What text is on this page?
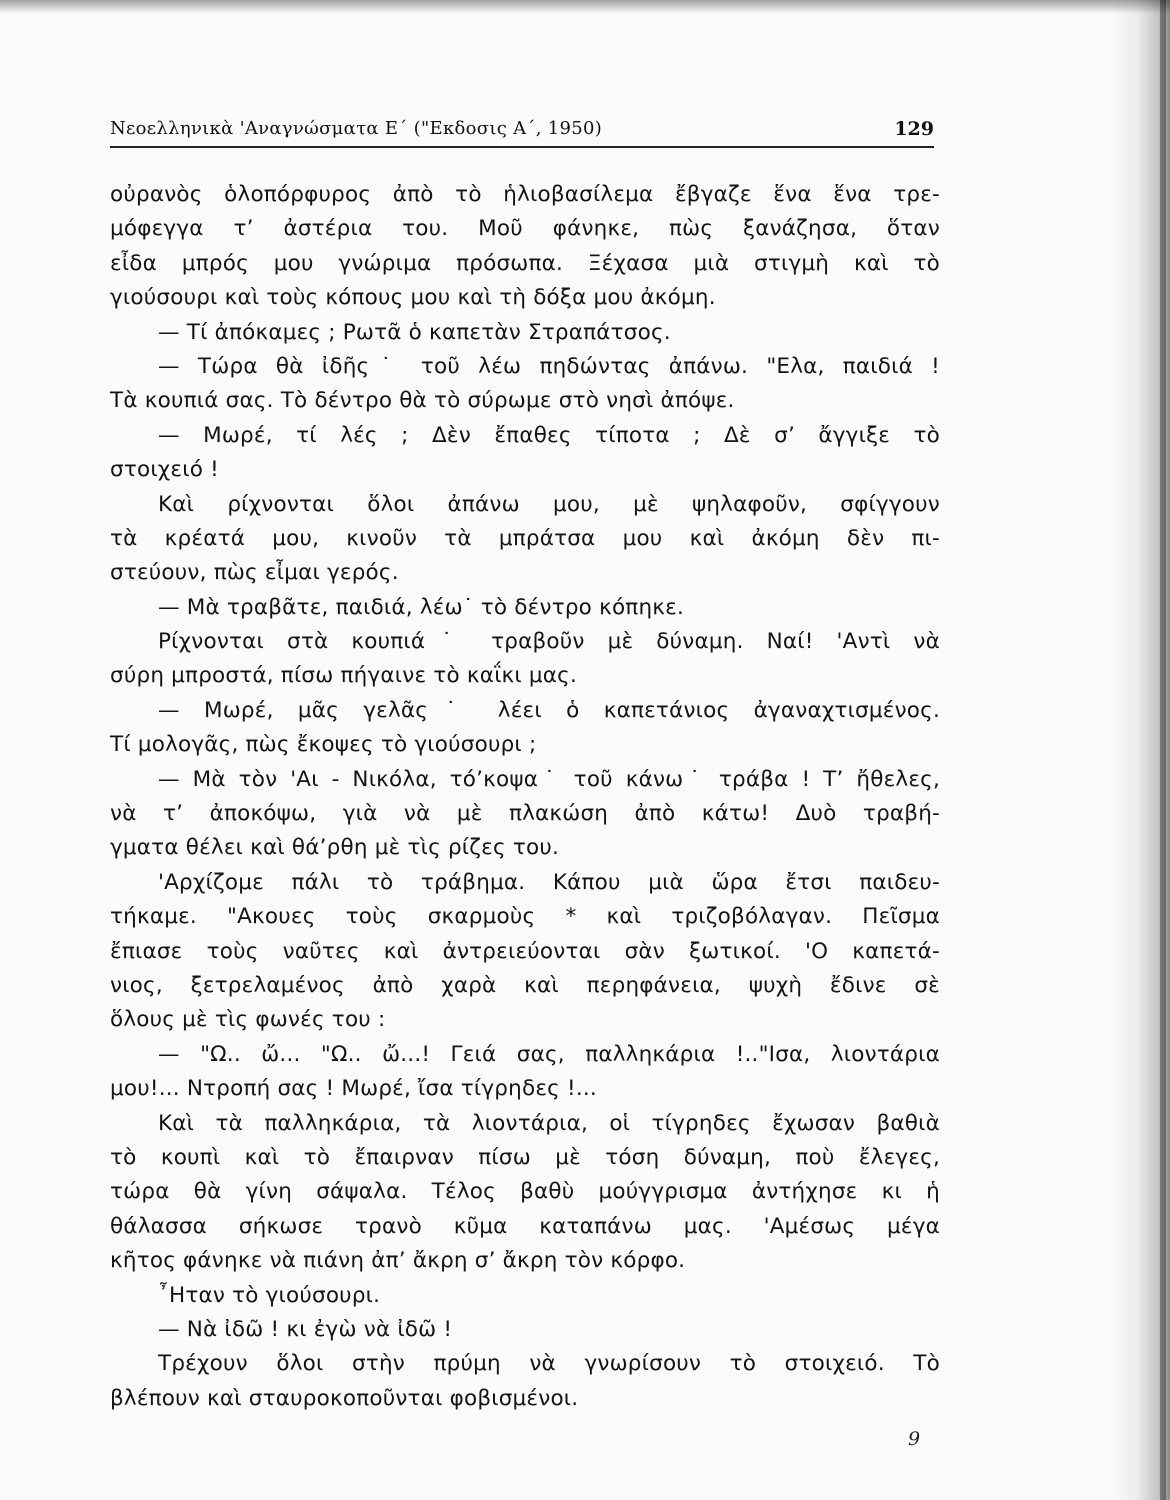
Νεοελληνικὰ 'Αναγνώσματα Ε΄ ("Εκδοσις Α΄, 1950)	129
οὐρανὸς ὁλοπόρφυρος ἀπὸ τὸ ἡλιοβασίλεμα ἔβγαζε ἕνα ἕνα τρε-
μόφεγγα τ’ ἀστέρια του. Μοῦ φάνηκε, πὼς ξανάζησα, ὅταν
εἶδα μπρός μου γνώριμα πρόσωπα. Ξέχασα μιὰ στιγμὴ καὶ τὸ
γιούσουρι καὶ τοὺς κόπους μου καὶ τὴ δόξα μου ἀκόμη.
— Τί ἀπόκαμες ; Ρωτᾶ ὁ καπετὰν Στραπάτσος.
— Τώρα θὰ ἰδῆς˙ τοῦ λέω πηδώντας ἀπάνω. "Ελα, παιδιά !
Τὰ κουπιά σας. Τὸ δέντρο θὰ τὸ σύρωμε στὸ νησὶ ἀπόψε.
— Μωρέ, τί λές ; Δὲν ἔπαθες τίποτα ; Δὲ σ’ ἄγγιξε τὸ
στοιχειό !
Καὶ ρίχνονται ὅλοι ἀπάνω μου, μὲ ψηλαφοῦν, σφίγγουν
τὰ κρέατά μου, κινοῦν τὰ μπράτσα μου καὶ ἀκόμη δὲν πι-
στεύουν, πὼς εἶμαι γερός.
— Μὰ τραβᾶτε, παιδιά, λέω˙ τὸ δέντρο κόπηκε.
Ρίχνονται στὰ κουπιά˙ τραβοῦν μὲ δύναμη. Ναί! 'Αντὶ νὰ
σύρη μπροστά, πίσω πήγαινε τὸ καΐκι μας.
— Μωρέ, μᾶς γελᾶς˙ λέει ὁ καπετάνιος ἀγαναχτισμένος.
Τί μολογᾶς, πὼς ἔκοψες τὸ γιούσουρι ;
— Μὰ τὸν 'Αι - Νικόλα, τό’κοψα˙ τοῦ κάνω˙ τράβα ! Τ’ ἤθελες,
νὰ τ’ ἀποκόψω, γιὰ νὰ μὲ πλακώση ἀπὸ κάτω! Δυὸ τραβή-
γματα θέλει καὶ θά’ρθη μὲ τὶς ρίζες του.
'Αρχίζομε πάλι τὸ τράβημα. Κάπου μιὰ ὥρα ἔτσι παιδευ-
τήκαμε. "Ακουες τοὺς σκαρμοὺς * καὶ τριζοβόλαγαν. Πεῖσμα
ἔπιασε τοὺς ναῦτες καὶ ἀντρειεύονται σὰν ξωτικοί. 'Ο καπετά-
νιος, ξετρελαμένος ἀπὸ χαρὰ καὶ περηφάνεια, ψυχὴ ἔδινε σὲ
ὅλους μὲ τὶς φωνές του :
— "Ω.. ὤ... "Ω.. ὤ...! Γειά σας, παλληκάρια !.."Ισα, λιοντάρια
μου!... Ντροπή σας ! Μωρέ, ἴσα τίγρηδες !...
Καὶ τὰ παλληκάρια, τὰ λιοντάρια, οἱ τίγρηδες ἔχωσαν βαθιὰ
τὸ κουπὶ καὶ τὸ ἔπαιρναν πίσω μὲ τόση δύναμη, ποὺ ἔλεγες,
τώρα θὰ γίνη σάψαλα. Τέλος βαθὺ μούγγρισμα ἀντήχησε κι ἡ
θάλασσα σήκωσε τρανὸ κῦμα καταπάνω μας. 'Αμέσως μέγα
κῆτος φάνηκε νὰ πιάνη ἀπ’ ἄκρη σ’ ἄκρη τὸν κόρφο.
῏Ηταν τὸ γιούσουρι.
— Νὰ ἰδῶ ! κι ἐγὼ νὰ ἰδῶ !
Τρέχουν ὅλοι στὴν πρύμη νὰ γνωρίσουν τὸ στοιχειό. Τὸ
βλέπουν καὶ σταυροκοποῦνται φοβισμένοι.
9
